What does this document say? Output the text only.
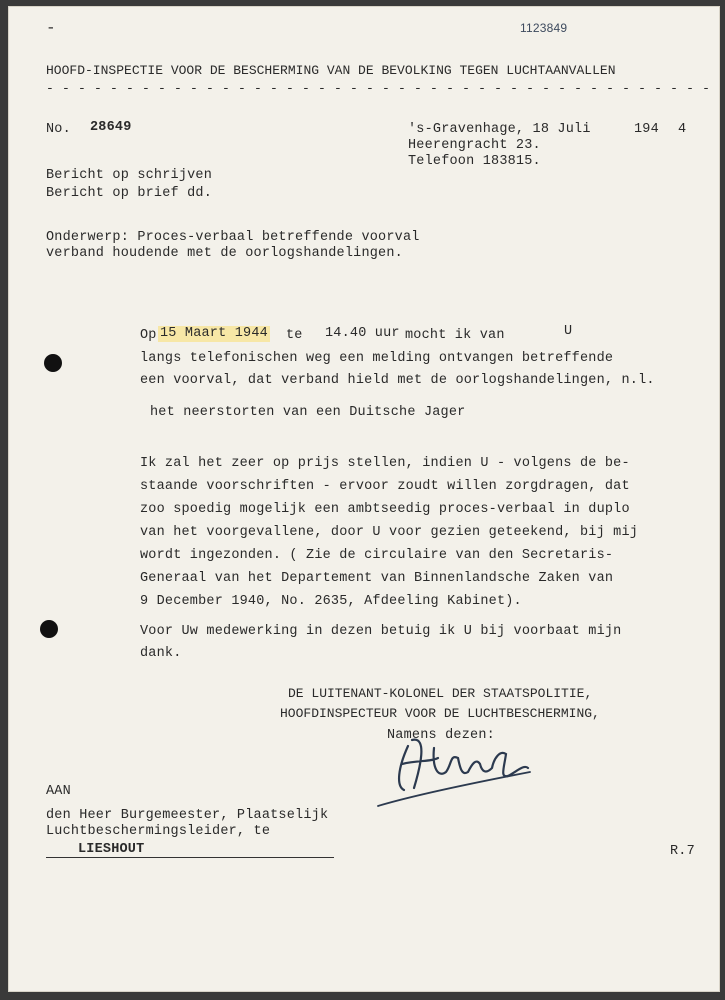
1123849
-
HOOFD-INSPECTIE VOOR DE BESCHERMING VAN DE BEVOLKING TEGEN LUCHTAANVALLEN
- - - - - - - - - - - - - - - - - - - - - - - - - - - - - - - - - - - - - - - - - -
No. 28649	's-Gravenhage, 18 Juli	194 4
Heerengracht 23.
Telefoon 183815.
Bericht op schrijven
Bericht op brief dd.
Onderwerp: Proces-verbaal betreffende voorval
verband houdende met de oorlogshandelingen.
Op 15 Maart 1944 te 14.40 uur mocht ik van	U
langs telefonischen weg een melding ontvangen betreffende
een voorval, dat verband hield met de oorlogshandelingen, n.l.
het neerstorten van een Duitsche Jager
Ik zal het zeer op prijs stellen, indien U - volgens de be-
staande voorschriften - ervoor zoudt willen zorgdragen, dat
zoo spoedig mogelijk een ambtseedig proces-verbaal in duplo
van het voorgevallene, door U voor gezien geteekend, bij mij
wordt ingezonden. ( Zie de circulaire van den Secretaris-
Generaal van het Departement van Binnenlandsche Zaken van
9 December 1940, No. 2635, Afdeeling Kabinet).
Voor Uw medewerking in dezen betuig ik U bij voorbaat mijn
dank.
DE LUITENANT-KOLONEL DER STAATSPOLITIE,
HOOFDINSPECTEUR VOOR DE LUCHTBESCHERMING,
Namens dezen:
AAN
den Heer Burgemeester, Plaatselijk
Luchtbeschermingsleider, te
LIESHOUT	R.7
